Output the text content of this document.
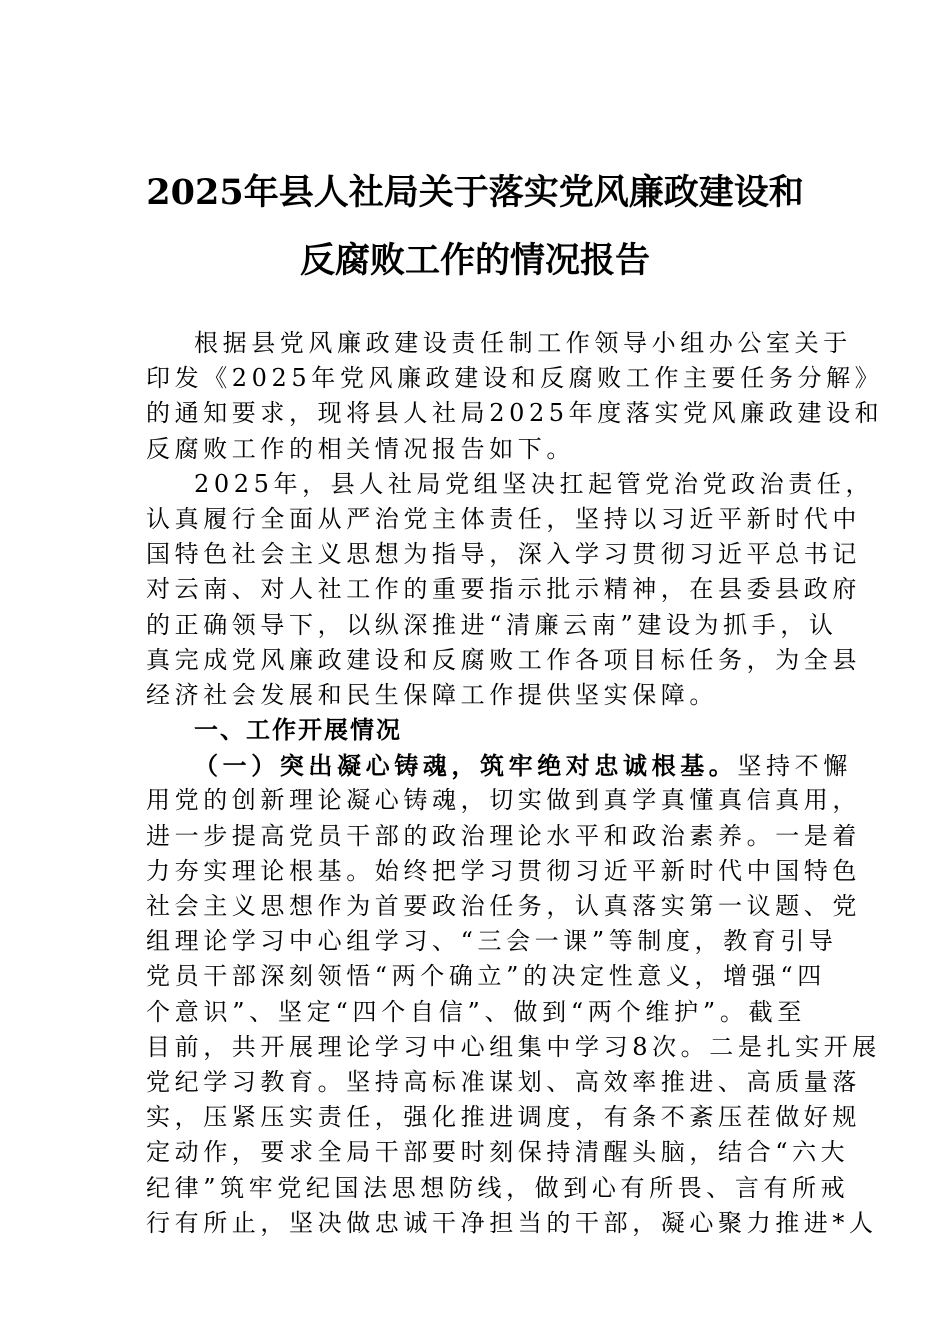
2025年县人社局关于落实党风廉政建设和
反腐败工作的情况报告
根据县党风廉政建设责任制工作领导小组办公室关于
印发《2025年党风廉政建设和反腐败工作主要任务分解》
的通知要求，现将县人社局2025年度落实党风廉政建设和
反腐败工作的相关情况报告如下。
2025年，县人社局党组坚决扛起管党治党政治责任，
认真履行全面从严治党主体责任，坚持以习近平新时代中
国特色社会主义思想为指导，深入学习贯彻习近平总书记
对云南、对人社工作的重要指示批示精神，在县委县政府
的正确领导下，以纵深推进“清廉云南”建设为抓手，认
真完成党风廉政建设和反腐败工作各项目标任务，为全县
经济社会发展和民生保障工作提供坚实保障。
一、工作开展情况
（一）突出凝心铸魂，筑牢绝对忠诚根基。坚持不懈
用党的创新理论凝心铸魂，切实做到真学真懂真信真用，
进一步提高党员干部的政治理论水平和政治素养。一是着
力夯实理论根基。始终把学习贯彻习近平新时代中国特色
社会主义思想作为首要政治任务，认真落实第一议题、党
组理论学习中心组学习、“三会一课”等制度，教育引导
党员干部深刻领悟“两个确立”的决定性意义，增强“四
个意识”、坚定“四个自信”、做到“两个维护”。截至
目前，共开展理论学习中心组集中学习8次。二是扎实开展
党纪学习教育。坚持高标准谋划、高效率推进、高质量落
实，压紧压实责任，强化推进调度，有条不紊压茬做好规
定动作，要求全局干部要时刻保持清醒头脑，结合“六大
纪律”筑牢党纪国法思想防线，做到心有所畏、言有所戒
行有所止，坚决做忠诚干净担当的干部，凝心聚力推进*人
